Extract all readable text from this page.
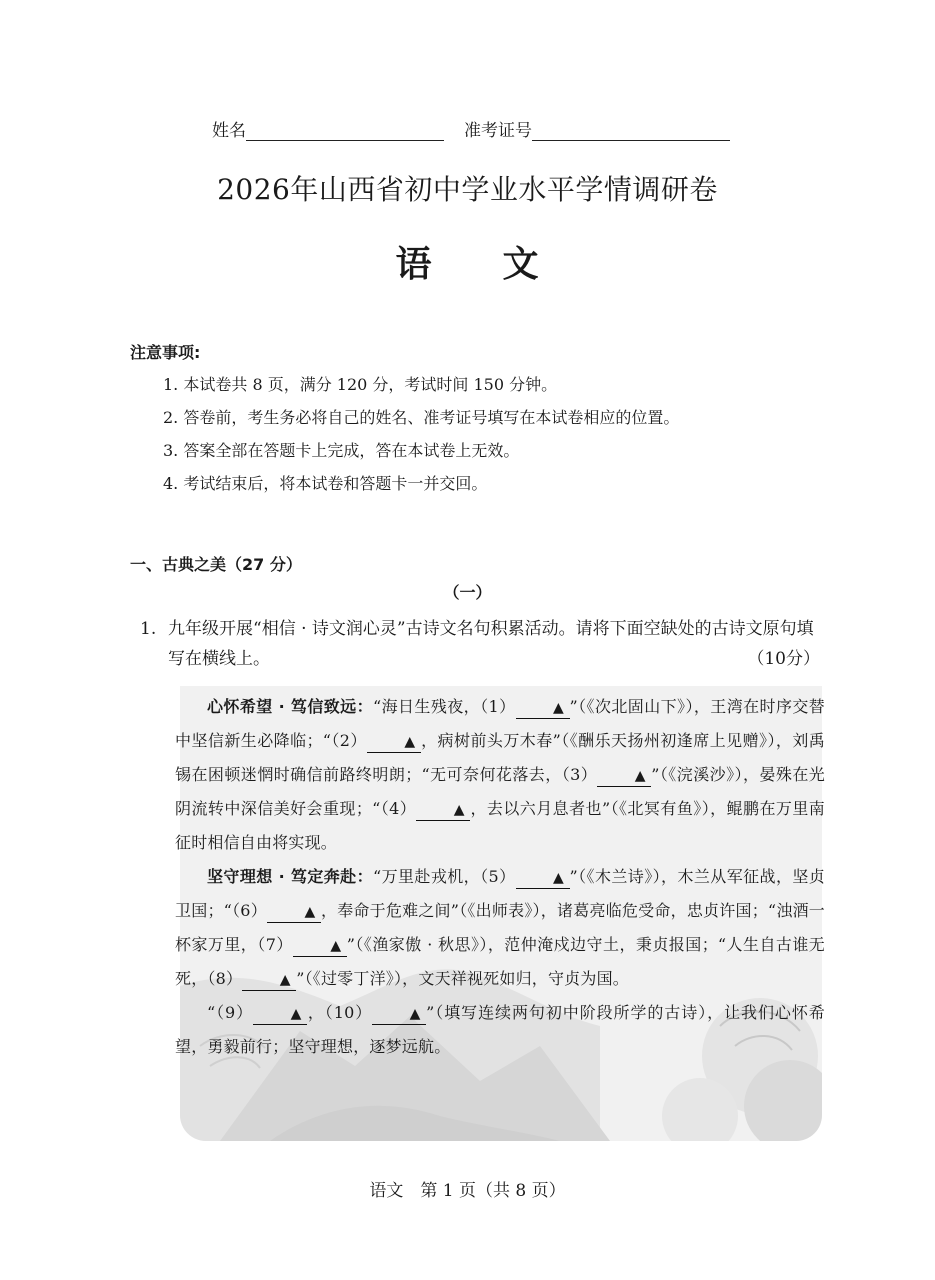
姓名	准考证号
2026年山西省初中学业水平学情调研卷
语 文
注意事项:
1. 本试卷共 8 页，满分 120 分，考试时间 150 分钟。
2. 答卷前，考生务必将自己的姓名、准考证号填写在本试卷相应的位置。
3. 答案全部在答题卡上完成，答在本试卷上无效。
4. 考试结束后，将本试卷和答题卡一并交回。
一、古典之美（27 分）
（一）
1. 九年级开展“相信 · 诗文润心灵”古诗文名句积累活动。请将下面空缺处的古诗文原句填写在横线上。	（10分）

心怀希望 · 笃信致远：“海日生残夜，（1）	▲ ”（《次北固山下》），王湾在时序交替中坚信新生必降临；“（2）	▲ ，病树前头万木春”（《酬乐天扬州初逢席上见赠》），刘禹锡在困顿迷惘时确信前路终明朗；“无可奈何花落去，（3）	▲ ”（《浣溪沙》），晏殊在光阴流转中深信美好会重现；“（4）	▲ ，去以六月息者也”（《北冥有鱼》），鲲鹏在万里南征时相信自由将实现。

坚守理想 · 笃定奔赴：“万里赴戎机，（5）	▲ ”（《木兰诗》），木兰从军征战，坚贞卫国；“（6）	▲ ，奉命于危难之间”（《出师表》），诸葛亮临危受命，忠贞许国；“浊酒一杯家万里，（7）	▲ ”（《渔家傲 · 秋思》），范仲淹戍边守土，秉贞报国；“人生自古谁无死，（8）	▲ ”（《过零丁洋》），文天祥视死如归，守贞为国。

“（9）	▲ ，（10）	▲ ”（填写连续两句初中阶段所学的古诗），让我们心怀希望，勇毅前行；坚守理想，逐梦远航。

语文　第 1 页（共 8 页）
